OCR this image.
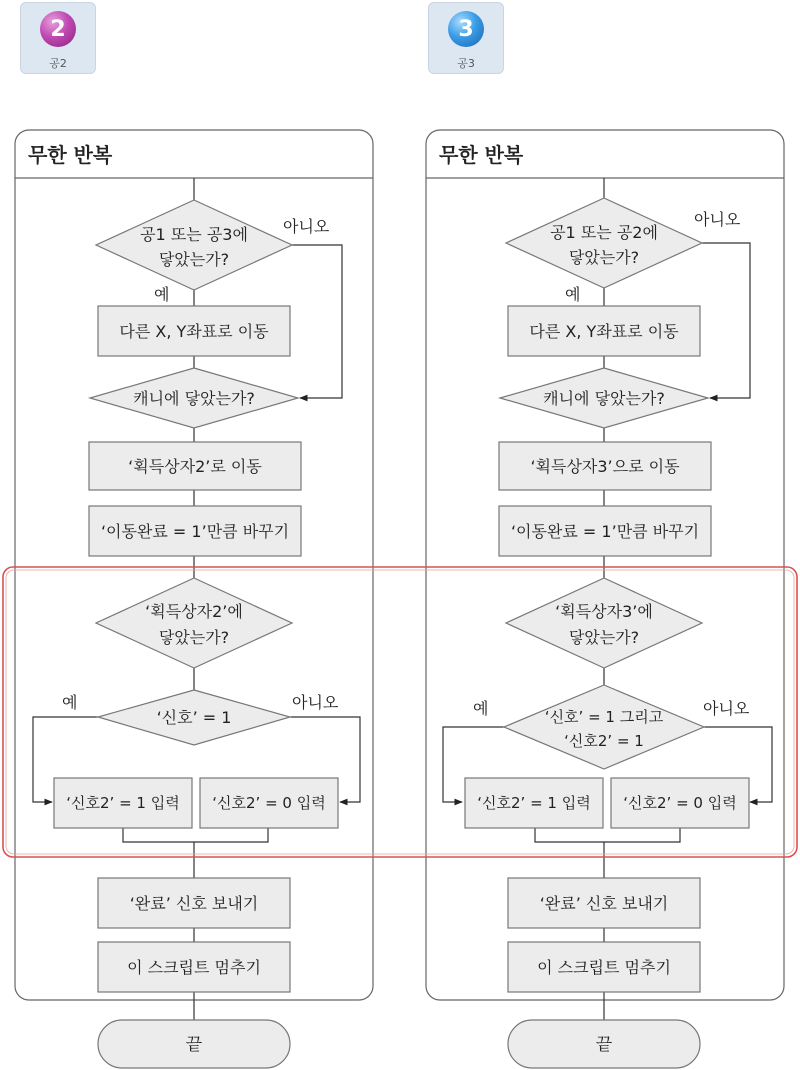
2
공2
3
공3
무한 반복
공1 또는 공3에
닿았는가?
아니오
예
다른 X, Y좌표로 이동
캐니에 닿았는가?
‘획득상자2’로 이동
‘이동완료 = 1’만큼 바꾸기
‘획득상자2’에
닿았는가?
‘신호’ = 1
예	아니오
‘신호2’ = 1 입력 ‘신호2’ = 0 입력
‘완료’ 신호 보내기
이 스크립트 멈추기
끝
무한 반복
공1 또는 공2에
닿았는가?
아니오
예
다른 X, Y좌표로 이동
캐니에 닿았는가?
‘획득상자3’으로 이동
‘이동완료 = 1’만큼 바꾸기
‘획득상자3’에
닿았는가?
‘신호’ = 1 그리고
‘신호2’ = 1
예	아니오
‘신호2’ = 1 입력 ‘신호2’ = 0 입력
‘완료’ 신호 보내기
이 스크립트 멈추기
끝
